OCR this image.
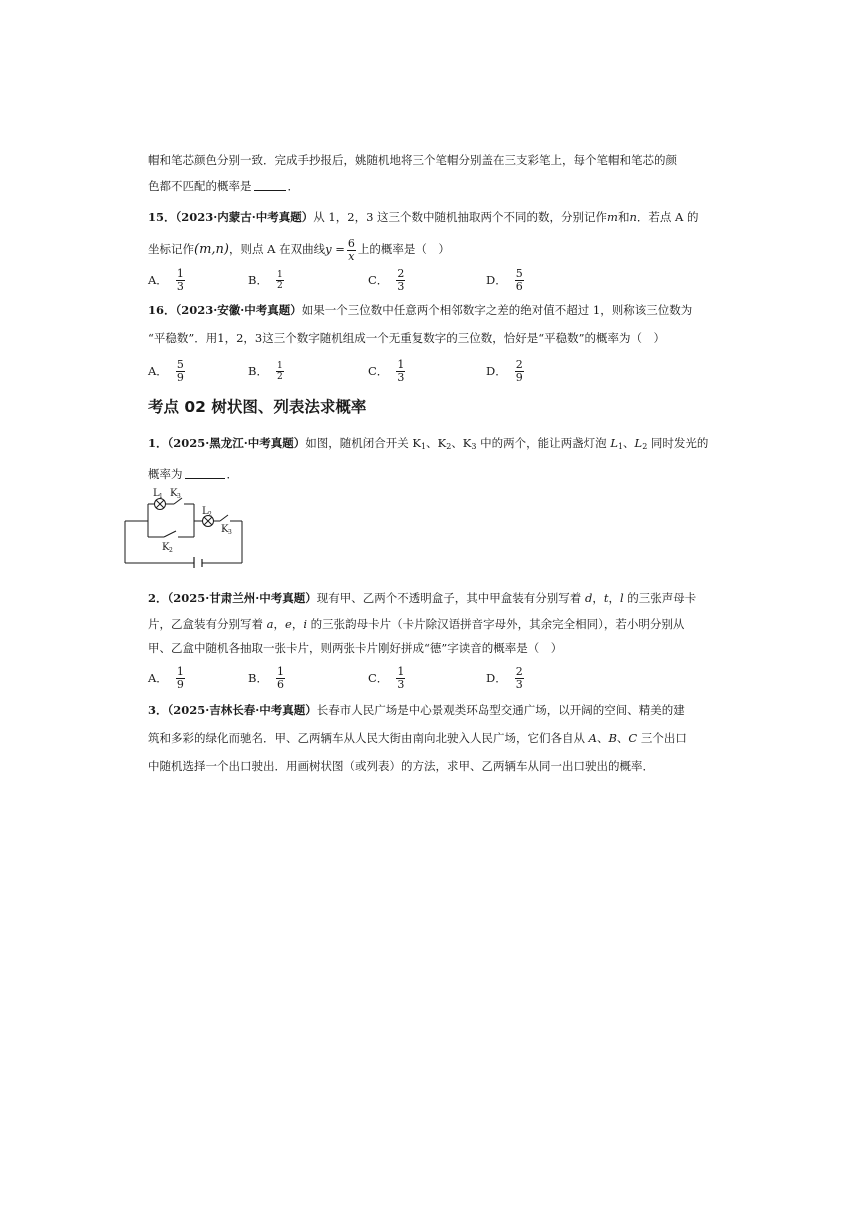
帽和笔芯颜色分别一致．完成手抄报后，姚随机地将三个笔帽分别盖在三支彩笔上，每个笔帽和笔芯的颜
色都不匹配的概率是	．
15．（2023·内蒙古·中考真题）从 1，2，3 这三个数中随机抽取两个不同的数，分别记作m和n．若点 A 的
坐标记作(m,n)，则点 A 在双曲线$y = \frac{6}{x}$ 上的概率是（　）
A． $\frac{1}{3}$	B． $\frac{1}{2}$	C． $\frac{2}{3}$	D． $\frac{5}{6}$
16．（2023·安徽·中考真题）如果一个三位数中任意两个相邻数字之差的绝对值不超过 1，则称该三位数为
“平稳数”．用1，2，3这三个数字随机组成一个无重复数字的三位数，恰好是“平稳数”的概率为（　）
A． $\frac{5}{9}$	B． $\frac{1}{2}$	C． $\frac{1}{3}$	D． $\frac{2}{9}$
考点 02 树状图、列表法求概率
1．（2025·黑龙江·中考真题）如图，随机闭合开关 $K_1$、$K_2$、$K_3$ 中的两个，能让两盏灯泡 $L_1$、$L_2$ 同时发光的
概率为	．
L 1 K 3
L 2
K 3
K 2
2．（2025·甘肃兰州·中考真题）现有甲、乙两个不透明盒子，其中甲盒装有分别写着 d，t，l 的三张声母卡
片，乙盒装有分别写着 a，e，i 的三张韵母卡片（卡片除汉语拼音字母外，其余完全相同），若小明分别从
甲、乙盒中随机各抽取一张卡片，则两张卡片刚好拼成“德”字读音的概率是（　）
A． $\frac{1}{9}$	B． $\frac{1}{6}$	C． $\frac{1}{3}$	D． $\frac{2}{3}$
3．（2025·吉林长春·中考真题）长春市人民广场是中心景观类环岛型交通广场，以开阔的空间、精美的建
筑和多彩的绿化而驰名．甲、乙两辆车从人民大街由南向北驶入人民广场，它们各自从 A、B、C 三个出口
中随机选择一个出口驶出．用画树状图（或列表）的方法，求甲、乙两辆车从同一出口驶出的概率．
